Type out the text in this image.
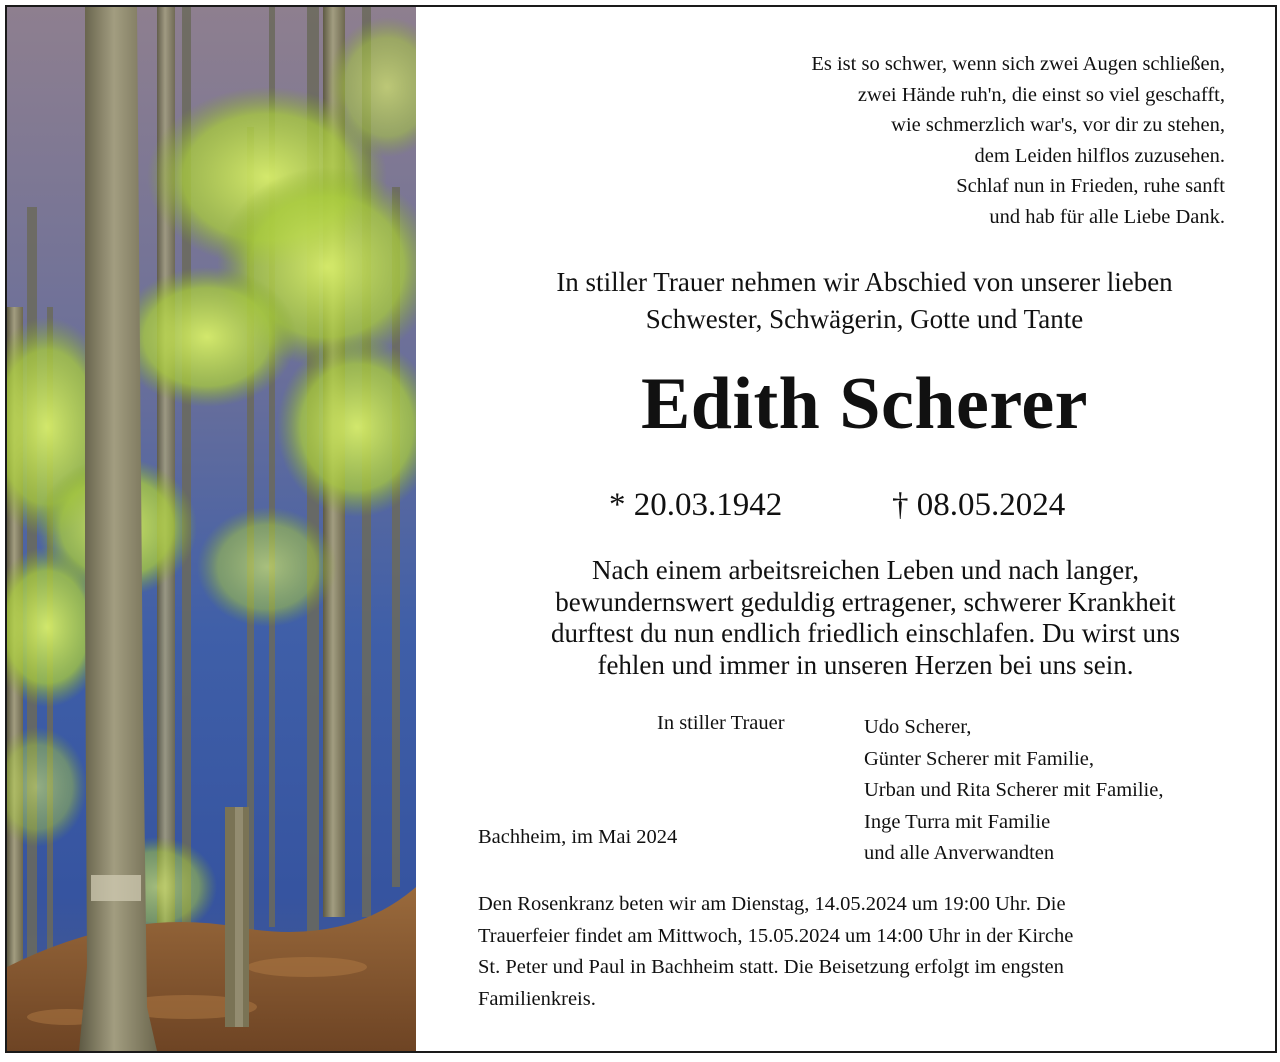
Es ist so schwer, wenn sich zwei Augen schließen,
zwei Hände ruh'n, die einst so viel geschafft,
wie schmerzlich war's, vor dir zu stehen,
dem Leiden hilflos zuzusehen.
Schlaf nun in Frieden, ruhe sanft
und hab für alle Liebe Dank.
In stiller Trauer nehmen wir Abschied von unserer lieben
Schwester, Schwägerin, Gotte und Tante
Edith Scherer
* 20.03.1942	† 08.05.2024
Nach einem arbeitsreichen Leben und nach langer,
bewundernswert geduldig ertragener, schwerer Krankheit
durftest du nun endlich friedlich einschlafen. Du wirst uns
fehlen und immer in unseren Herzen bei uns sein.
In stiller Trauer
Bachheim, im Mai 2024
Udo Scherer,
Günter Scherer mit Familie,
Urban und Rita Scherer mit Familie,
Inge Turra mit Familie
und alle Anverwandten
Den Rosenkranz beten wir am Dienstag, 14.05.2024 um 19:00 Uhr. Die
Trauerfeier findet am Mittwoch, 15.05.2024 um 14:00 Uhr in der Kirche
St. Peter und Paul in Bachheim statt. Die Beisetzung erfolgt im engsten
Familienkreis.
